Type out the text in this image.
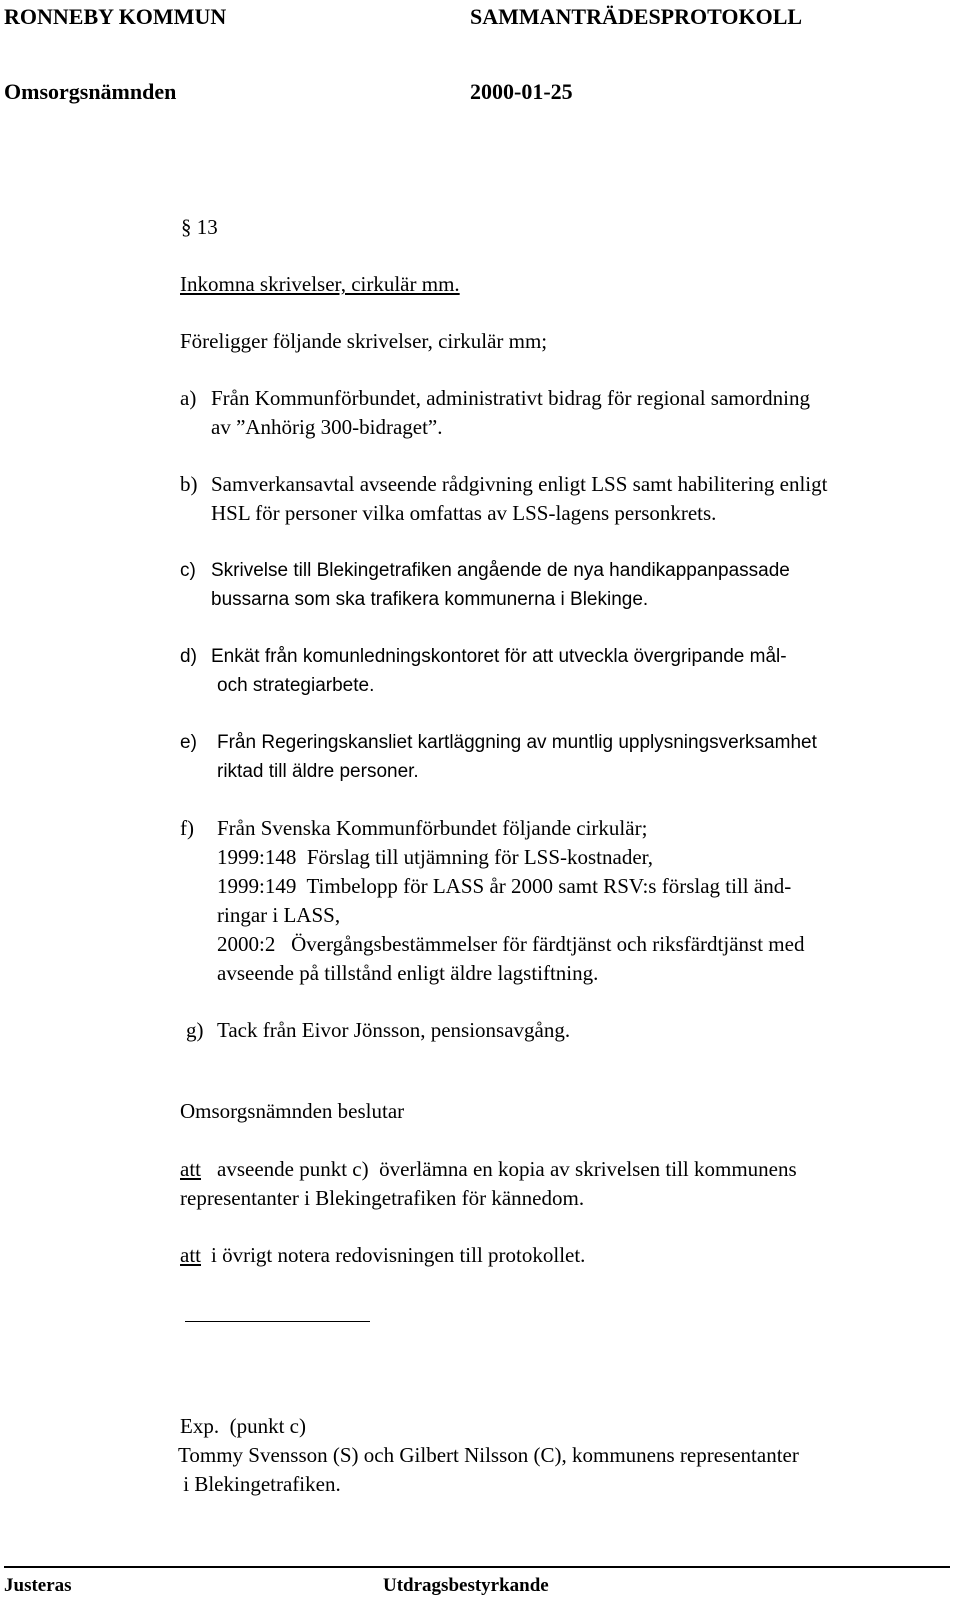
RONNEBY KOMMUN	SAMMANTRÄDESPROTOKOLL
Omsorgsnämnden	2000-01-25
§ 13
Inkomna skrivelser, cirkulär mm.
Föreligger följande skrivelser, cirkulär mm;
a) Från Kommunförbundet, administrativt bidrag för regional samordning
av ”Anhörig 300-bidraget”.
b) Samverkansavtal avseende rådgivning enligt LSS samt habilitering enligt
HSL för personer vilka omfattas av LSS-lagens personkrets.
c) Skrivelse till Blekingetrafiken angående de nya handikappanpassade
bussarna som ska trafikera kommunerna i Blekinge.
d) Enkät från komunledningskontoret för att utveckla övergripande mål-
och strategiarbete.
e) Från Regeringskansliet kartläggning av muntlig upplysningsverksamhet
riktad till äldre personer.
f) Från Svenska Kommunförbundet följande cirkulär;
1999:148  Förslag till utjämning för LSS-kostnader,
1999:149  Timbelopp för LASS år 2000 samt RSV:s förslag till änd-
ringar i LASS,
2000:2   Övergångsbestämmelser för färdtjänst och riksfärdtjänst med
avseende på tillstånd enligt äldre lagstiftning.
g) Tack från Eivor Jönsson, pensionsavgång.
Omsorgsnämnden beslutar
att avseende punkt c)  överlämna en kopia av skrivelsen till kommunens
representanter i Blekingetrafiken för kännedom.
att i övrigt notera redovisningen till protokollet.
Exp.  (punkt c)
Tommy Svensson (S) och Gilbert Nilsson (C), kommunens representanter
i Blekingetrafiken.
Justeras	Utdragsbestyrkande
